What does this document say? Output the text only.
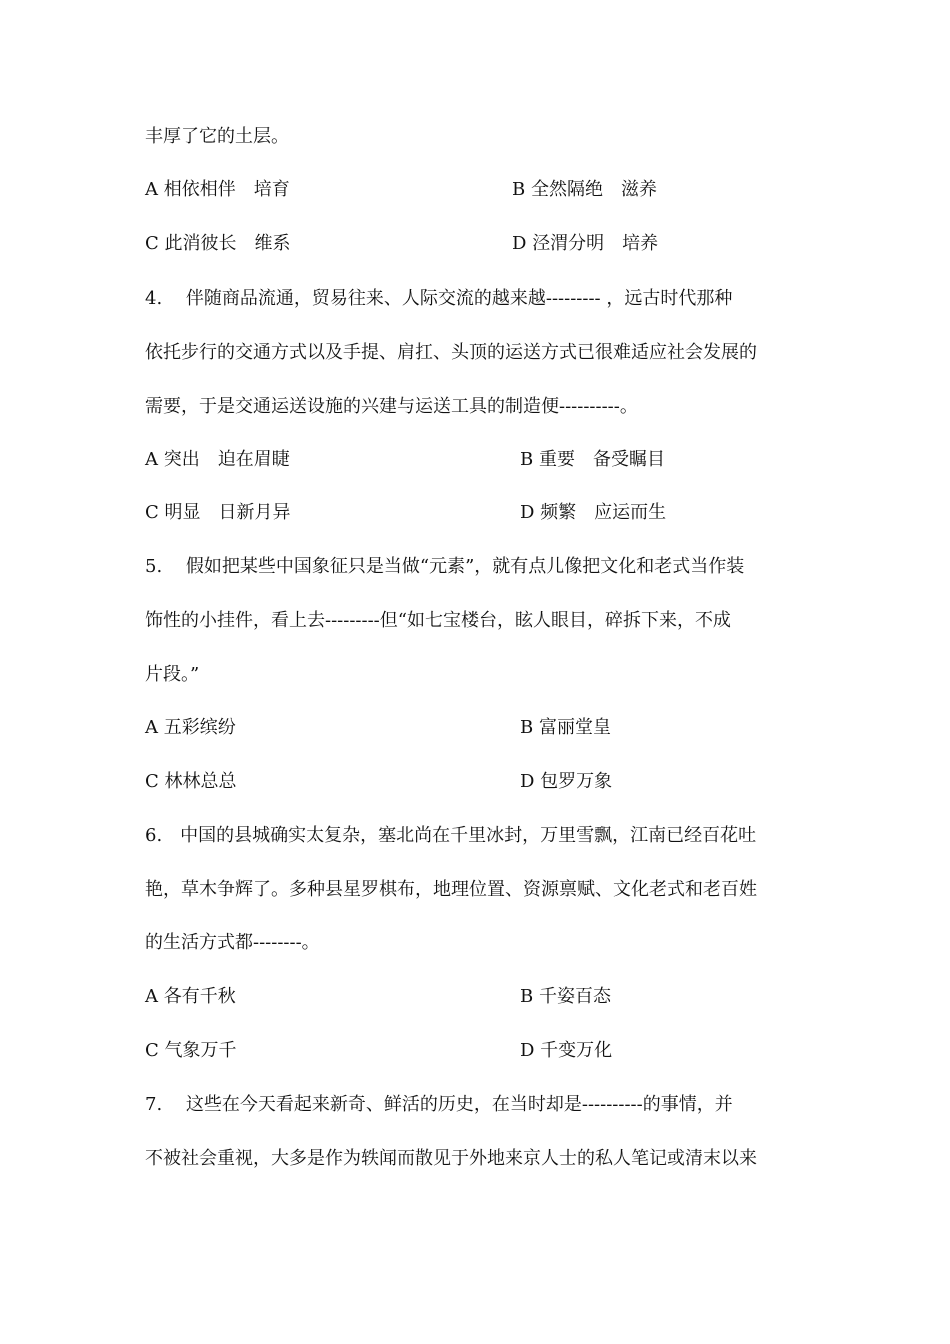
丰厚了它的土层。
A 相依相伴　培育	B 全然隔绝　滋养
C 此消彼长　维系	D 泾渭分明　培养
4.　 伴随商品流通，贸易往来、人际交流的越来越--------- ，远古时代那种
依托步行的交通方式以及手提、肩扛、头顶的运送方式已很难适应社会发展的
需要，于是交通运送设施的兴建与运送工具的制造便----------。
A 突出　迫在眉睫	B 重要　备受瞩目
C 明显　日新月异	D 频繁　应运而生
5.　 假如把某些中国象征只是当做“元素”，就有点儿像把文化和老式当作装
饰性的小挂件，看上去---------但“如七宝楼台，眩人眼目，碎拆下来，不成
片段。”
A 五彩缤纷	B 富丽堂皇
C 林林总总	D 包罗万象
6.　中国的县城确实太复杂，塞北尚在千里冰封，万里雪飘，江南已经百花吐
艳，草木争辉了。多种县星罗棋布，地理位置、资源禀赋、文化老式和老百姓
的生活方式都--------。
A 各有千秋	B 千姿百态
C 气象万千	D 千变万化
7.　 这些在今天看起来新奇、鲜活的历史，在当时却是----------的事情，并
不被社会重视，大多是作为轶闻而散见于外地来京人士的私人笔记或清末以来
